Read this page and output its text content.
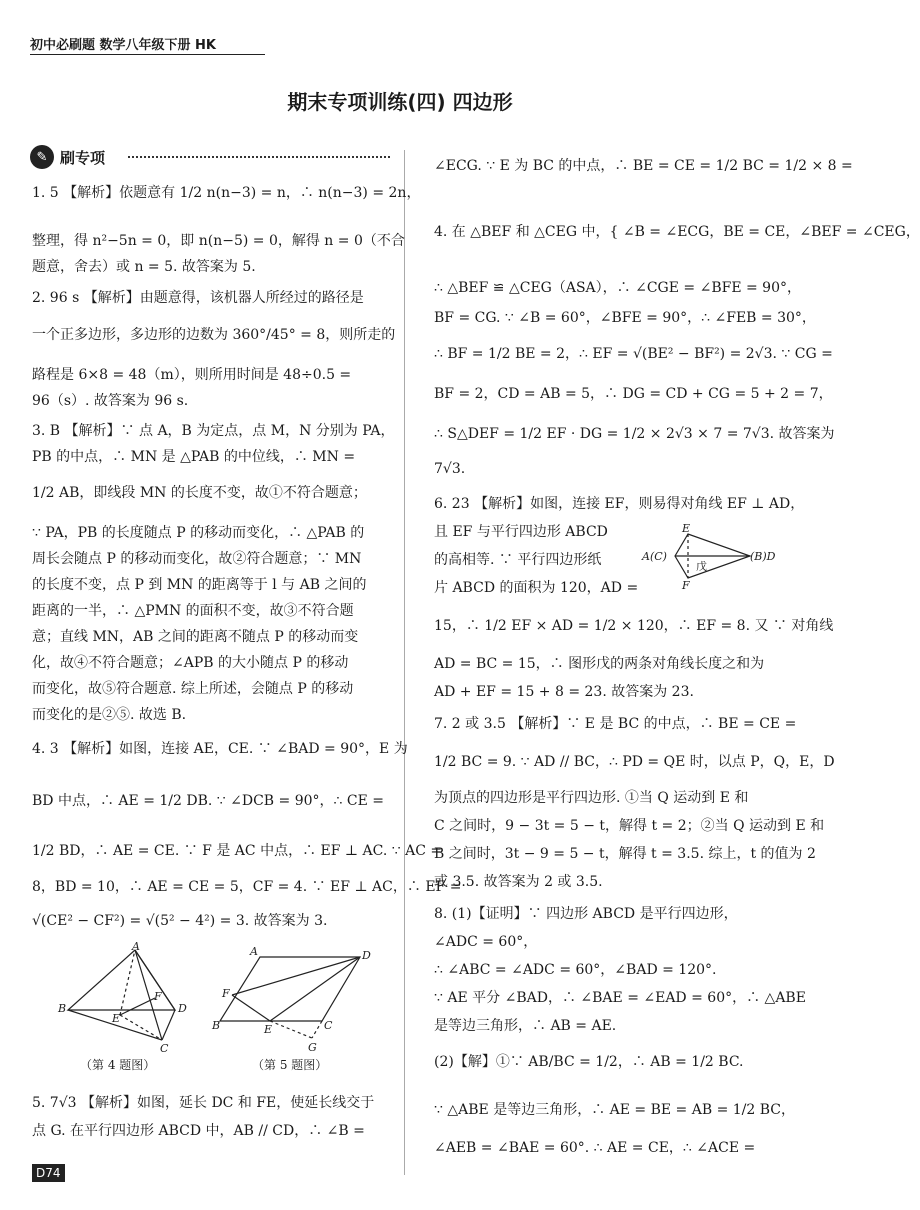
初中必刷题 数学八年级下册 HK
期末专项训练(四) 四边形
✎ 刷专项

1. 5 【解析】依题意有 1/2 n(n−3) = n，∴ n(n−3) = 2n，

整理，得 n²−5n = 0，即 n(n−5) = 0，解得 n = 0（不合

题意，舍去）或 n = 5. 故答案为 5.

2. 96 s 【解析】由题意得，该机器人所经过的路径是

一个正多边形，多边形的边数为 360°/45° = 8，则所走的

路程是 6×8 = 48（m），则所用时间是 48÷0.5 =

96（s）. 故答案为 96 s.

3. B 【解析】∵ 点 A，B 为定点，点 M，N 分别为 PA，

PB 的中点，∴ MN 是 △PAB 的中位线，∴ MN =

1/2 AB，即线段 MN 的长度不变，故①不符合题意；

∵ PA，PB 的长度随点 P 的移动而变化，∴ △PAB 的

周长会随点 P 的移动而变化，故②符合题意；∵ MN

的长度不变，点 P 到 MN 的距离等于 l 与 AB 之间的

距离的一半，∴ △PMN 的面积不变，故③不符合题

意；直线 MN，AB 之间的距离不随点 P 的移动而变

化，故④不符合题意；∠APB 的大小随点 P 的移动

而变化，故⑤符合题意. 综上所述，会随点 P 的移动

而变化的是②⑤. 故选 B.

4. 3 【解析】如图，连接 AE，CE. ∵ ∠BAD = 90°，E 为

BD 中点，∴ AE = 1/2 DB. ∵ ∠DCB = 90°，∴ CE =

1/2 BD，∴ AE = CE. ∵ F 是 AC 中点，∴ EF ⊥ AC. ∵ AC =

8，BD = 10，∴ AE = CE = 5，CF = 4. ∵ EF ⊥ AC，∴ EF =

√(CE² − CF²) = √(5² − 4²) = 3. 故答案为 3.

5. 7√3 【解析】如图，延长 DC 和 FE，使延长线交于

点 G. 在平行四边形 ABCD 中，AB // CD，∴ ∠B =

A
B
C
D
E
F
（第 4 题图）
A
B	C
D
E
F
G
（第 5 题图）

∠ECG. ∵ E 为 BC 的中点，∴ BE = CE = 1/2 BC = 1/2 × 8 =

4. 在 △BEF 和 △CEG 中，{ ∠B = ∠ECG，BE = CE，∠BEF = ∠CEG，

∴ △BEF ≌ △CEG（ASA），∴ ∠CGE = ∠BFE = 90°，

BF = CG. ∵ ∠B = 60°，∠BFE = 90°，∴ ∠FEB = 30°，

∴ BF = 1/2 BE = 2，∴ EF = √(BE² − BF²) = 2√3. ∵ CG =

BF = 2，CD = AB = 5，∴ DG = CD + CG = 5 + 2 = 7，

∴ S△DEF = 1/2 EF · DG = 1/2 × 2√3 × 7 = 7√3. 故答案为

7√3.

6. 23 【解析】如图，连接 EF，则易得对角线 EF ⊥ AD，

且 EF 与平行四边形 ABCD

的高相等. ∵ 平行四边形纸

片 ABCD 的面积为 120，AD =

15，∴ 1/2 EF × AD = 1/2 × 120，∴ EF = 8. 又 ∵ 对角线

AD = BC = 15，∴ 图形戊的两条对角线长度之和为

AD + EF = 15 + 8 = 23. 故答案为 23.

7. 2 或 3.5 【解析】∵ E 是 BC 的中点，∴ BE = CE =

1/2 BC = 9. ∵ AD // BC，∴ PD = QE 时，以点 P，Q，E，D

为顶点的四边形是平行四边形. ①当 Q 运动到 E 和

C 之间时，9 − 3t = 5 − t，解得 t = 2；②当 Q 运动到 E 和

B 之间时，3t − 9 = 5 − t，解得 t = 3.5. 综上，t 的值为 2

或 3.5. 故答案为 2 或 3.5.

8. (1)【证明】∵ 四边形 ABCD 是平行四边形，

∠ADC = 60°，

∴ ∠ABC = ∠ADC = 60°，∠BAD = 120°.

∵ AE 平分 ∠BAD，∴ ∠BAE = ∠EAD = 60°，∴ △ABE

是等边三角形，∴ AB = AE.

(2)【解】①∵ AB/BC = 1/2，∴ AB = 1/2 BC.

∵ △ABE 是等边三角形，∴ AE = BE = AB = 1/2 BC，

∠AEB = ∠BAE = 60°. ∴ AE = CE，∴ ∠ACE =

E
F
A(C)	(B)D
戊
D74
